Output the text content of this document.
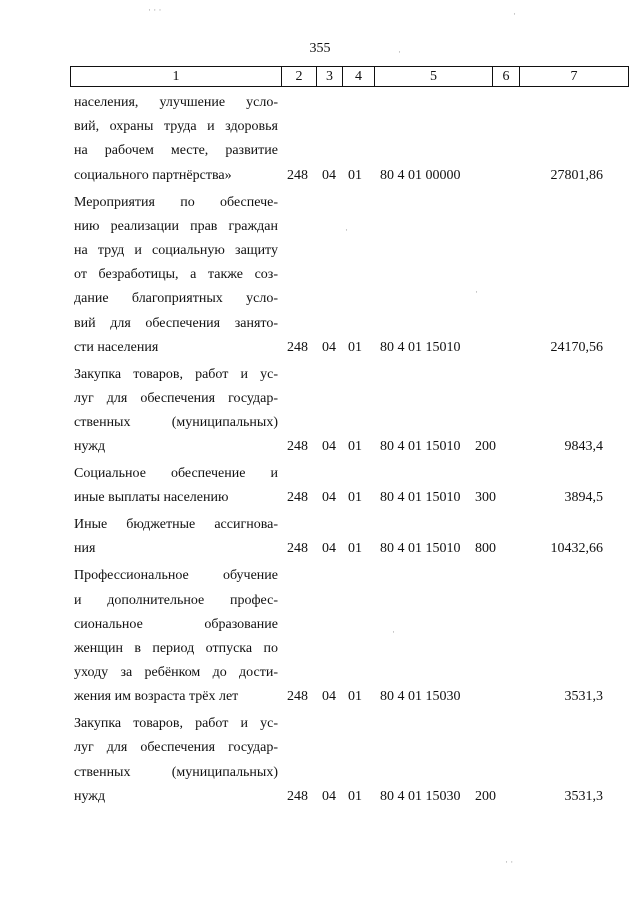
355
1	2	3	4	5	6	7
населения, улучшение усло-
вий, охраны труда и здоровья
на рабочем месте, развитие
социального партнёрства»	248 04 01 80 4 01 00000	27801,86
Мероприятия по обеспече-
нию реализации прав граждан
на труд и социальную защиту
от безработицы, а также соз-
дание благоприятных усло-
вий для обеспечения занято-
сти населения	248 04 01 80 4 01 15010	24170,56
Закупка товаров, работ и ус-
луг для обеспечения государ-
ственных (муниципальных)
нужд	248 04 01 80 4 01 15010 200	9843,4
Социальное обеспечение и
иные выплаты населению	248 04 01 80 4 01 15010 300	3894,5
Иные бюджетные ассигнова-
ния	248 04 01 80 4 01 15010 800	10432,66
Профессиональное обучение
и дополнительное профес-
сиональное образование
женщин в период отпуска по
уходу за ребёнком до дости-
жения им возраста трёх лет	248 04 01 80 4 01 15030	3531,3
Закупка товаров, работ и ус-
луг для обеспечения государ-
ственных (муниципальных)
нужд	248 04 01 80 4 01 15030 200	3531,3
· · ·	·
·
·
·
·
· ·
